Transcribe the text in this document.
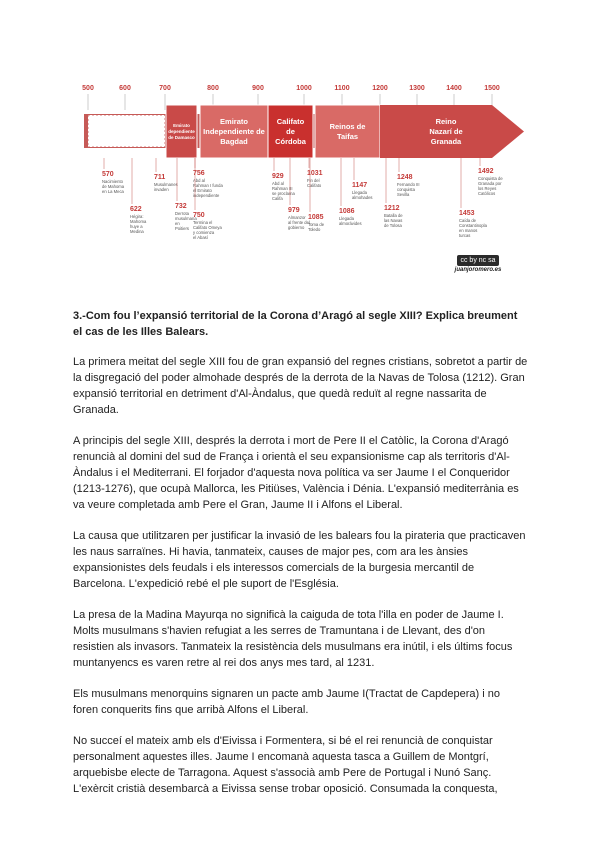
500	600	700	800	900	1000	1100	1200	1300	1400	1500
Emirato
dependiente
de Damasco
Emirato
Independiente de
Bagdad
Califato
de
Córdoba
Reinos de
Taifas
Reino
Nazarí de
Granada
570
Nacimiento
de Mahoma
en La Meca
622
Hégira:
Mahoma
huye a
Medina
711
Musulmanes
invaden
732
Derrota
musulmana
en
Poitiers
756
Abd al
Rahman I funda
el Emirato
independiente
750
Termina el
Califato Omeya
y comienza
el Abasí
929
Abd al
Rahman III
se proclama
Califa
979
Almanzor
al frente del
gobierno
1031
Fin del
Califato
1085
Toma de
Toledo
1086
Llegada
almorávides
1147
Llegada
almohades
1212
Batalla de
las Navas
de Tolosa
1248
Fernando III
conquista
Sevilla
1453
Caída de
Constantinopla
en manos
turcas
1492
Conquista de
Granada por
los Reyes
Católicos
cc by nc sa
juanjoromero.es

3.-Com fou l’expansió territorial de la Corona d’Aragó al segle XIII? Explica breument el cas de les Illes Balears.

La primera meitat del segle XIII fou de gran expansió del regnes cristians, sobretot a partir de la disgregació del poder almohade després de la derrota de la Navas de Tolosa (1212). Gran expansió territorial en detriment d'Al-Àndalus, que quedà reduït al regne nassarita de Granada.

A principis del segle XIII, després la derrota i mort de Pere II el Catòlic, la Corona d'Aragó renuncià al domini del sud de França i orientà el seu expansionisme cap als territoris d'Al-Àndalus i el Mediterrani. El forjador d'aquesta nova política va ser Jaume I el Conqueridor (1213-1276), que ocupà Mallorca, les Pitiüses, València i Dénia. L'expansió mediterrània es va veure completada amb Pere el Gran, Jaume II i Alfons el Liberal.

La causa que utilitzaren per justificar la invasió de les balears fou la pirateria que practicaven les naus sarraïnes. Hi havia, tanmateix, causes de major pes, com ara les ànsies expansionistes dels feudals i els interessos comercials de la burgesia mercantil de Barcelona. L'expedició rebé el ple suport de l'Església.

La presa de la Madina Mayurqa no significà la caiguda de tota l'illa en poder de Jaume I. Molts musulmans s'havien refugiat a les serres de Tramuntana i de Llevant, des d'on resistien als invasors. Tanmateix la resistència dels musulmans era inútil, i els últims focus muntanyencs es varen retre al rei dos anys mes tard, al 1231.

Els musulmans menorquins signaren un pacte amb Jaume I(Tractat de Capdepera) i no foren conquerits fins que arribà Alfons el Liberal.

No succeí el mateix amb els d'Eivissa i Formentera, si bé el rei renuncià de conquistar personalment aquestes illes. Jaume I encomanà aquesta tasca a Guillem de Montgrí, arquebisbe electe de Tarragona. Aquest s'associà amb Pere de Portugal i Nunó Sanç. L'exèrcit cristià desembarcà a Eivissa sense trobar oposició. Consumada la conquesta,
